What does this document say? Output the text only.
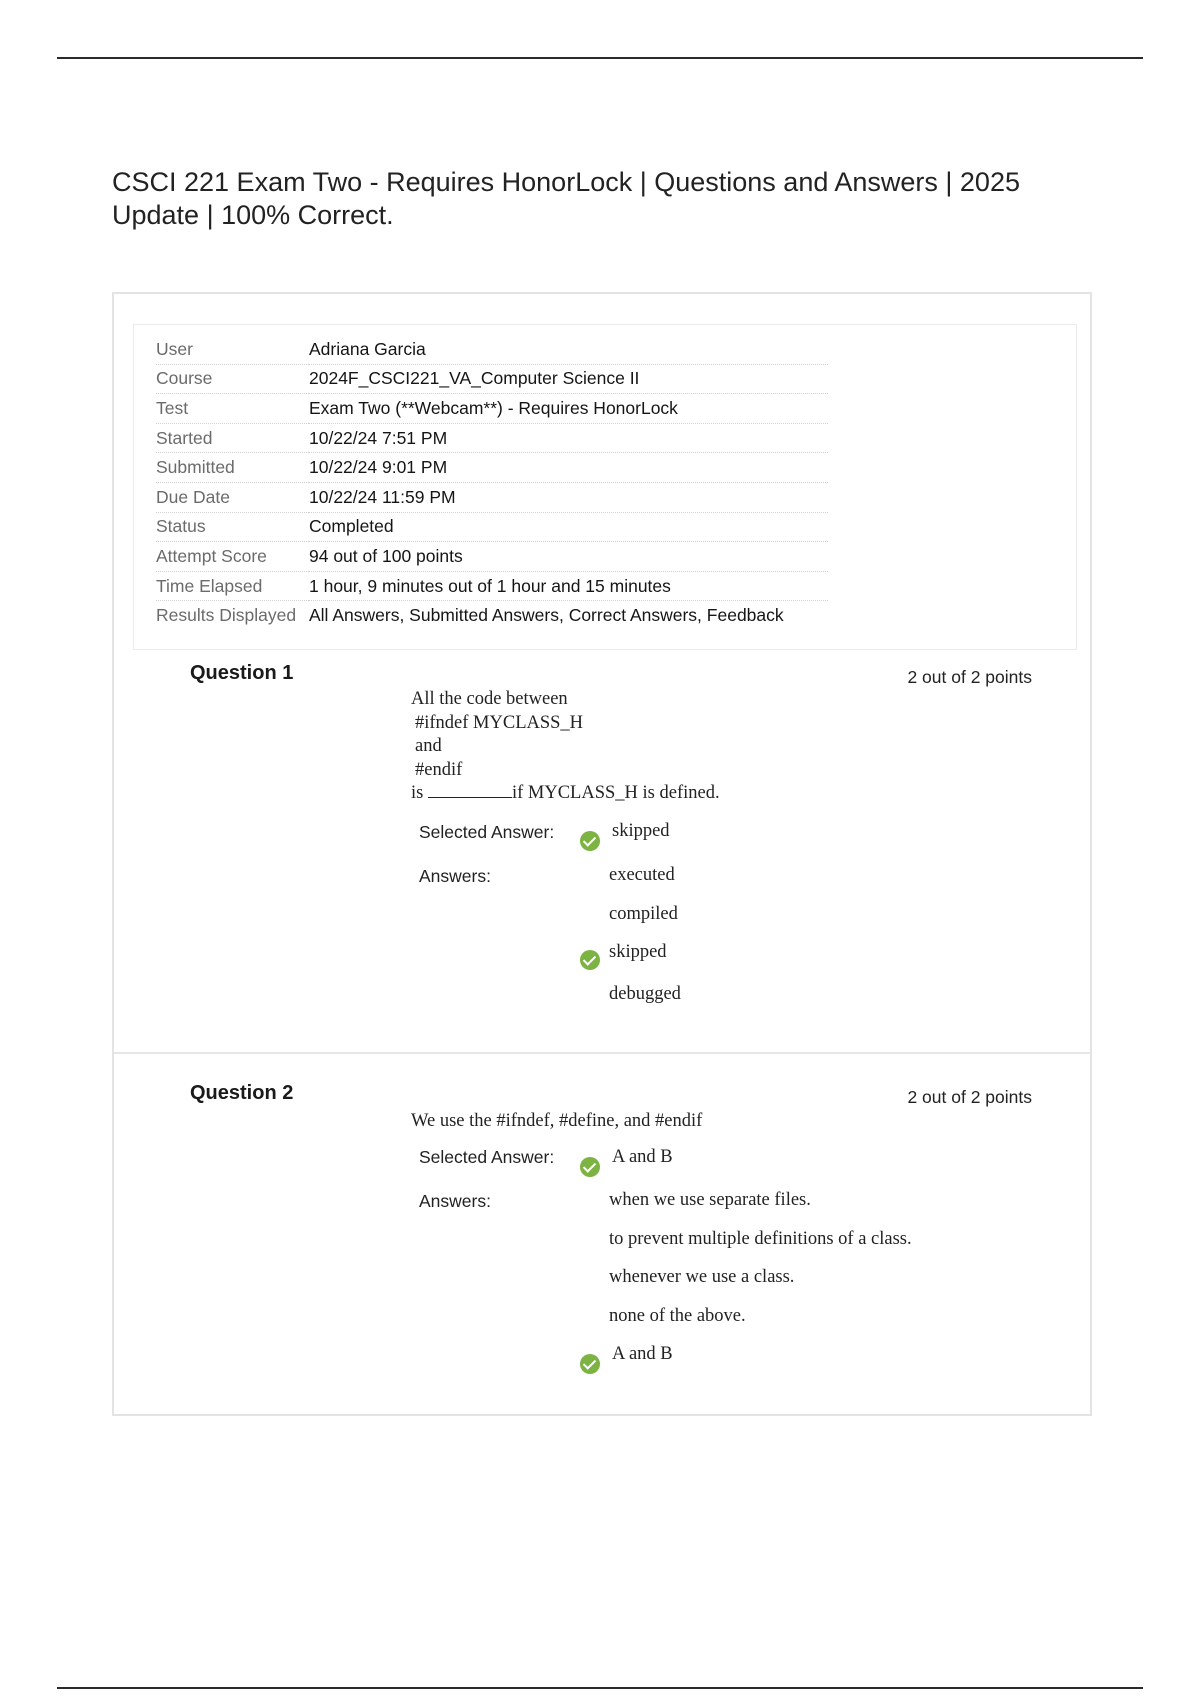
CSCI 221 Exam Two - Requires HonorLock | Questions and Answers | 2025 Update | 100% Correct.
User	Adriana Garcia
Course	2024F_CSCI221_VA_Computer Science II
Test	Exam Two (**Webcam**) - Requires HonorLock
Started	10/22/24 7:51 PM
Submitted	10/22/24 9:01 PM
Due Date	10/22/24 11:59 PM
Status	Completed
Attempt Score	94 out of 100 points
Time Elapsed	1 hour, 9 minutes out of 1 hour and 15 minutes
Results Displayed	All Answers, Submitted Answers, Correct Answers, Feedback
Question 1	2 out of 2 points
All the code between
#ifndef MYCLASS_H
and
#endif
is	if MYCLASS_H is defined.
Selected Answer:	skipped
Answers:	executed
compiled
skipped
debugged
Question 2	2 out of 2 points
We use the #ifndef, #define, and #endif
Selected Answer:	A and B
Answers:	when we use separate files.
to prevent multiple definitions of a class.
whenever we use a class.
none of the above.
A and B
